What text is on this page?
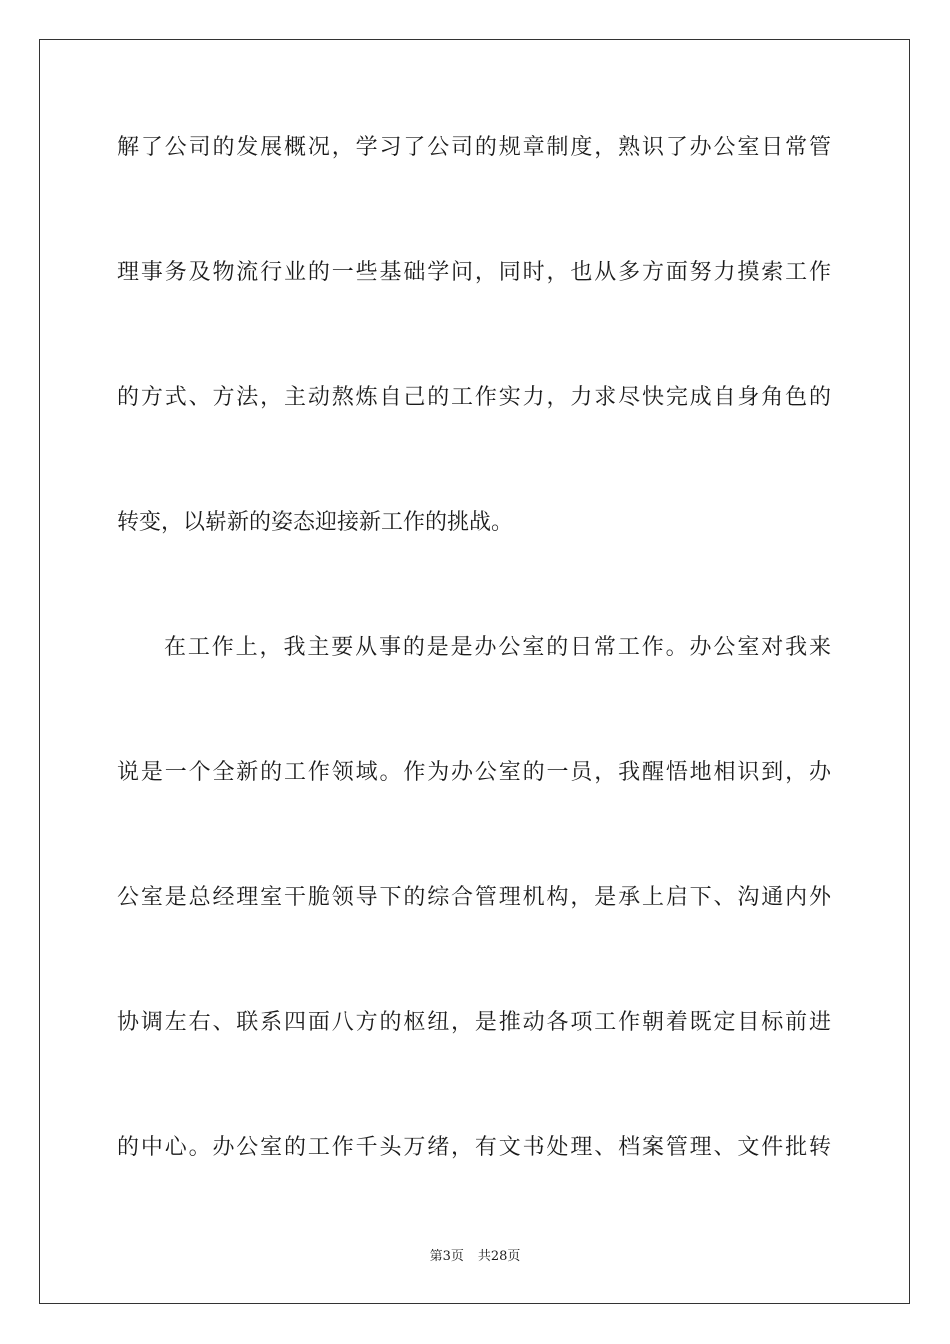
解了公司的发展概况，学习了公司的规章制度，熟识了办公室日常管
理事务及物流行业的一些基础学问，同时，也从多方面努力摸索工作
的方式、方法，主动熬炼自己的工作实力，力求尽快完成自身角色的
转变，以崭新的姿态迎接新工作的挑战。
在工作上，我主要从事的是是办公室的日常工作。办公室对我来
说是一个全新的工作领域。作为办公室的一员，我醒悟地相识到，办
公室是总经理室干脆领导下的综合管理机构，是承上启下、沟通内外
协调左右、联系四面八方的枢纽，是推动各项工作朝着既定目标前进
的中心。办公室的工作千头万绪，有文书处理、档案管理、文件批转
第3页 共28页
